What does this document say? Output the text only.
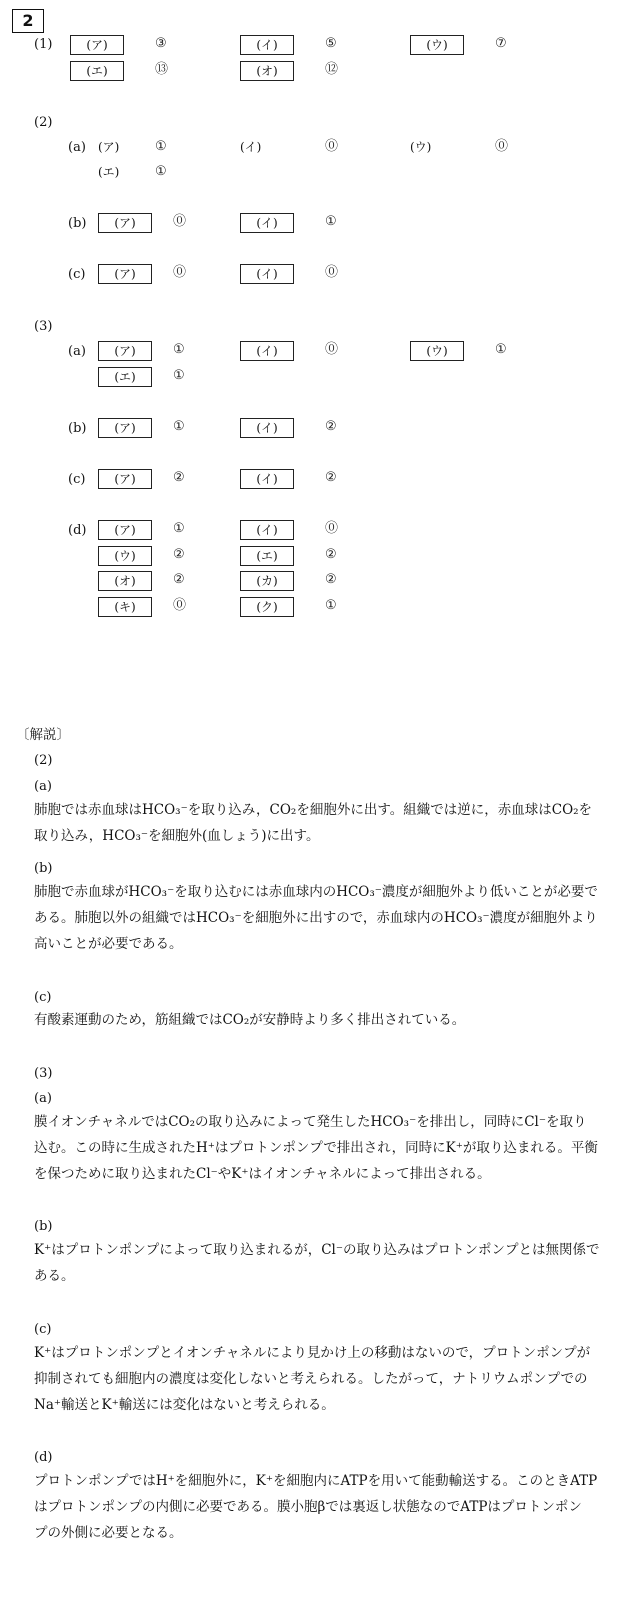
2
(1)	(ア)	③	(イ)	⑤	(ウ)	⑦
(エ)	⑬	(オ)	⑫
(2)
(a) (ア)	①	(イ)	⓪	(ウ)	⓪
(エ)	①
(b)	(ア)	⓪	(イ)	①
(c)	(ア)	⓪	(イ)	⓪
(3)
(a)	(ア)	①	(イ)	⓪	(ウ)	①
(エ)	①
(b)	(ア)	①	(イ)	②
(c)	(ア)	②	(イ)	②
(d)	(ア)	①	(イ)	⓪
(ウ)	②	(エ)	②
(オ)	②	(カ)	②
(キ)	⓪	(ク)	①
〔解説〕
(2)
(a)
肺胞では赤血球はHCO₃⁻を取り込み，CO₂を細胞外に出す。組織では逆に，赤血球はCO₂を
取り込み，HCO₃⁻を細胞外(血しょう)に出す。
(b)
肺胞で赤血球がHCO₃⁻を取り込むには赤血球内のHCO₃⁻濃度が細胞外より低いことが必要で
ある。肺胞以外の組織ではHCO₃⁻を細胞外に出すので，赤血球内のHCO₃⁻濃度が細胞外より
高いことが必要である。
(c)
有酸素運動のため，筋組織ではCO₂が安静時より多く排出されている。
(3)
(a)
膜イオンチャネルではCO₂の取り込みによって発生したHCO₃⁻を排出し，同時にCl⁻を取り
込む。この時に生成されたH⁺はプロトンポンプで排出され，同時にK⁺が取り込まれる。平衡
を保つために取り込まれたCl⁻やK⁺はイオンチャネルによって排出される。
(b)
K⁺はプロトンポンプによって取り込まれるが，Cl⁻の取り込みはプロトンポンプとは無関係で
ある。
(c)
K⁺はプロトンポンプとイオンチャネルにより見かけ上の移動はないので，プロトンポンプが
抑制されても細胞内の濃度は変化しないと考えられる。したがって，ナトリウムポンプでの
Na⁺輸送とK⁺輸送には変化はないと考えられる。
(d)
プロトンポンプではH⁺を細胞外に，K⁺を細胞内にATPを用いて能動輸送する。このときATP
はプロトンポンプの内側に必要である。膜小胞βでは裏返し状態なのでATPはプロトンポン
プの外側に必要となる。
